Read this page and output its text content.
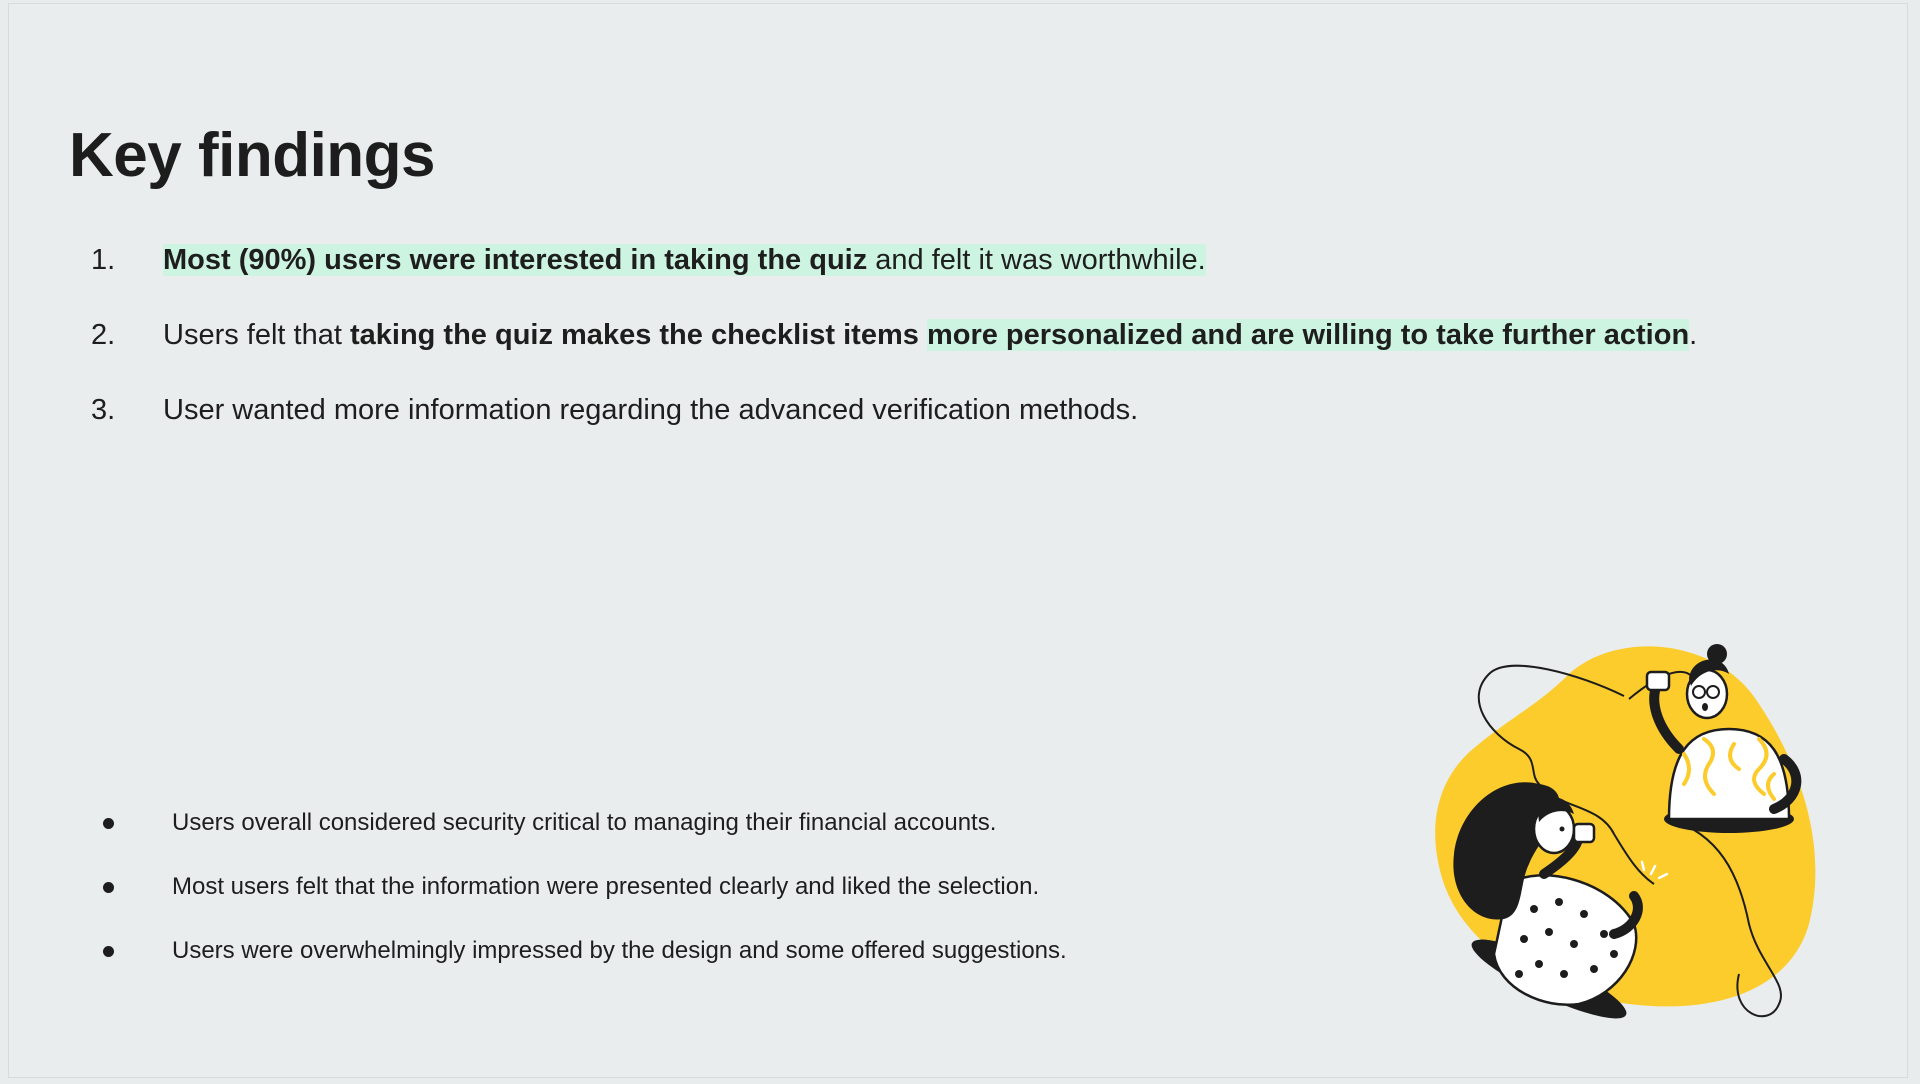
Key findings
1.	Most (90%) users were interested in taking the quiz and felt it was worthwhile.
2.	Users felt that taking the quiz makes the checklist items more personalized and are willing to take further action.
3.	User wanted more information regarding the advanced verification methods.
Users overall considered security critical to managing their financial accounts.
Most users felt that the information were presented clearly and liked the selection.
Users were overwhelmingly impressed by the design and some offered suggestions.
